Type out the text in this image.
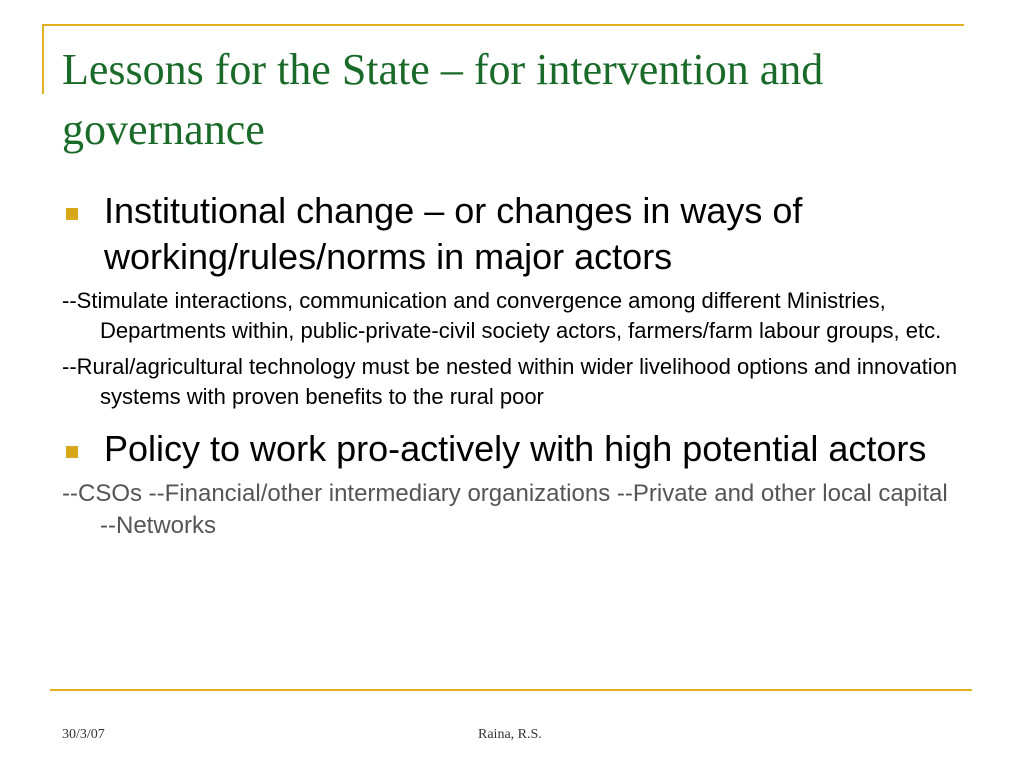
Lessons for the State – for intervention and governance
Institutional change – or changes in ways of working/rules/norms in major actors
--Stimulate interactions, communication and convergence among different Ministries, Departments within, public-private-civil society actors, farmers/farm labour groups, etc.
--Rural/agricultural technology must be nested within wider livelihood options and innovation systems with proven benefits to the rural poor
Policy to work pro-actively with high potential actors
--CSOs --Financial/other intermediary organizations --Private and other local capital --Networks
30/3/07	Raina, R.S.
